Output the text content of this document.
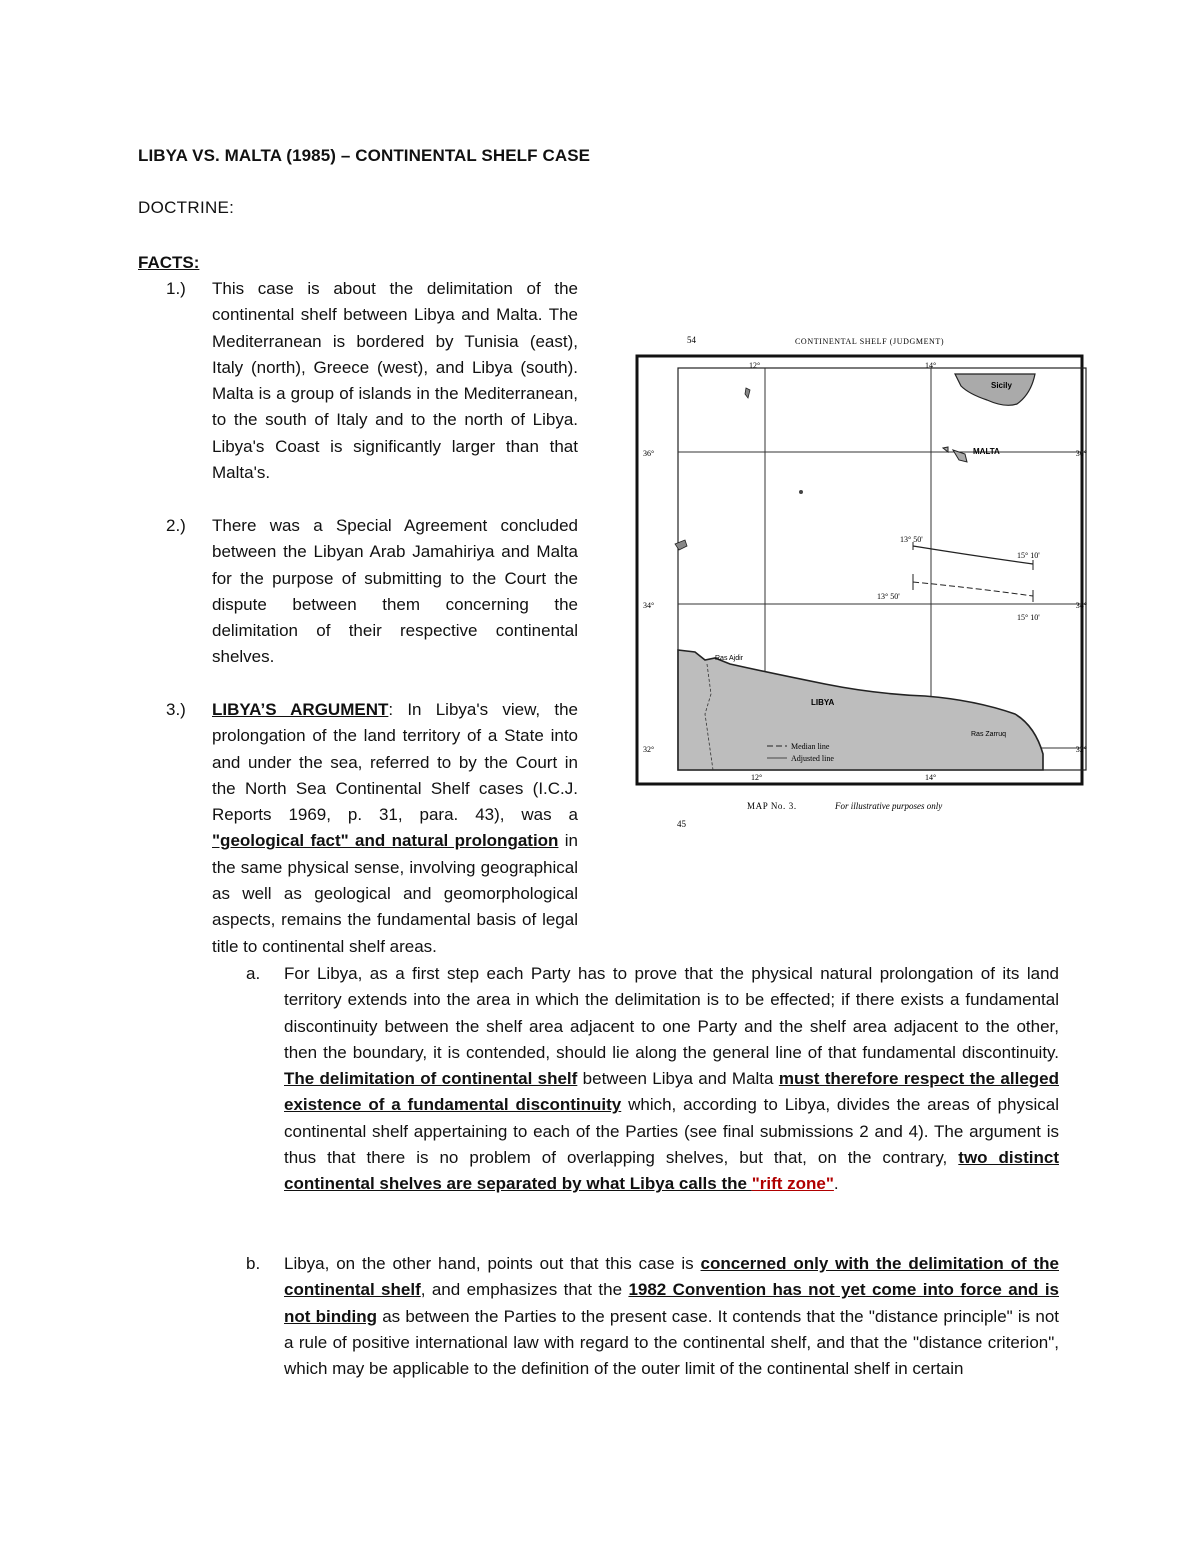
LIBYA VS. MALTA (1985) – CONTINENTAL SHELF CASE
DOCTRINE:
FACTS:
1.)	This case is about the delimitation of the continental shelf between Libya and Malta. The Mediterranean is bordered by Tunisia (east), Italy (north), Greece (west), and Libya (south). Malta is a group of islands in the Mediterranean, to the south of Italy and to the north of Libya. Libya's Coast is significantly larger than that Malta's.
2.)	There was a Special Agreement concluded between the Libyan Arab Jamahiriya and Malta for the purpose of submitting to the Court the dispute between them concerning the delimitation of their respective continental shelves.
3.)	LIBYA’S ARGUMENT: In Libya's view, the prolongation of the land territory of a State into and under the sea, referred to by the Court in the North Sea Continental Shelf cases (I.C.J. Reports 1969, p. 31, para. 43), was a "geological fact" and natural prolongation in the same physical sense, involving geographical as well as geological and geomorphological aspects, remains the fundamental basis of legal title to continental shelf areas.
a. For Libya, as a first step each Party has to prove that the physical natural prolongation of its land territory extends into the area in which the delimitation is to be effected; if there exists a fundamental discontinuity between the shelf area adjacent to one Party and the shelf area adjacent to the other, then the boundary, it is contended, should lie along the general line of that fundamental discontinuity. The delimitation of continental shelf between Libya and Malta must therefore respect the alleged existence of a fundamental discontinuity which, according to Libya, divides the areas of physical continental shelf appertaining to each of the Parties (see final submissions 2 and 4). The argument is thus that there is no problem of overlapping shelves, but that, on the contrary, two distinct continental shelves are separated by what Libya calls the "rift zone".
b. Libya, on the other hand, points out that this case is concerned only with the delimitation of the continental shelf, and emphasizes that the 1982 Convention has not yet come into force and is not binding as between the Parties to the present case. It contends that the "distance principle" is not a rule of positive international law with regard to the continental shelf, and that the "distance criterion", which may be applicable to the definition of the outer limit of the continental shelf in certain
54	CONTINENTAL SHELF (JUDGMENT)
12°	14°
12°	14°
36°	36°
34°	34°
32°	32°
Sicily
MALTA
13° 50'
15° 10'
13° 50'
15° 10'
Ras Ajdir
LIBYA
Ras Zarruq
Median line
Adjusted line
MAP No. 3.	For illustrative purposes only
45
